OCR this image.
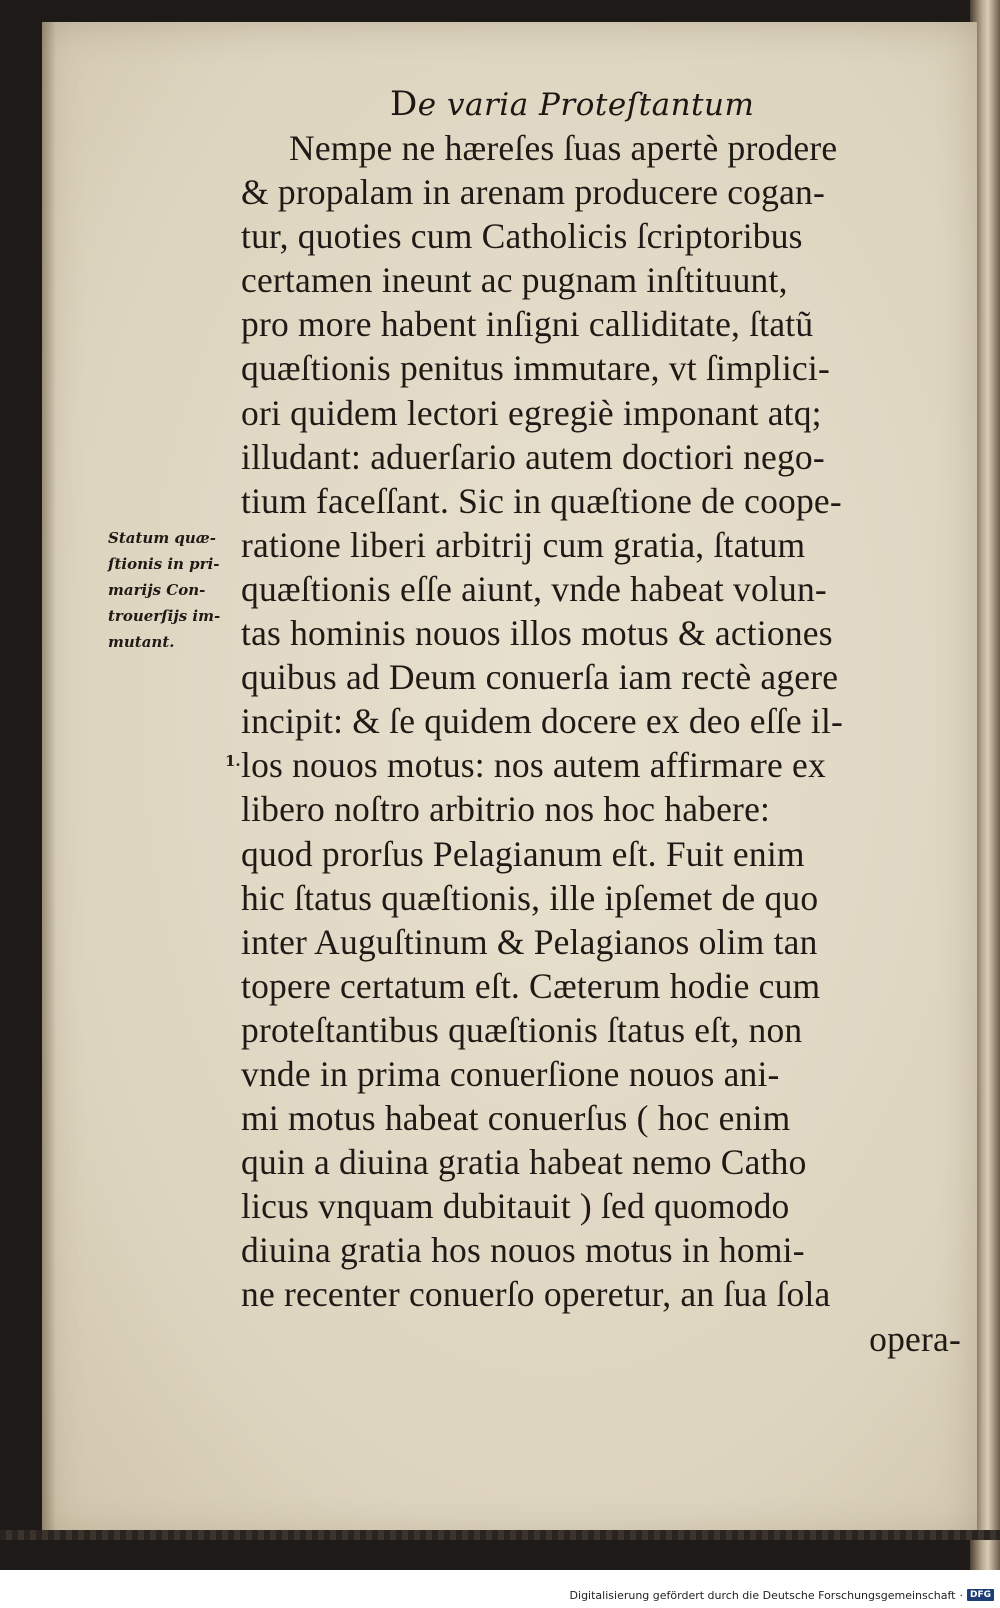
De varia Proteſtantum
Statum quæ-
ſtionis in pri-
marijs Con-
trouerſijs im-
mutant.
1.
Nempe ne hæreſes ſuas apertè prodere
& propalam in arenam producere cogan-
tur, quoties cum Catholicis ſcriptoribus
certamen ineunt ac pugnam inſtituunt,
pro more habent inſigni calliditate, ſtatũ
quæſtionis penitus immutare, vt ſimplici-
ori quidem lectori egregiè imponant atq;
illudant: aduerſario autem doctiori nego-
tium faceſſant. Sic in quæſtione de coope-
ratione liberi arbitrij cum gratia, ſtatum
quæſtionis eſſe aiunt, vnde habeat volun-
tas hominis nouos illos motus & actiones
quibus ad Deum conuerſa iam rectè agere
incipit: & ſe quidem docere ex deo eſſe il-
los nouos motus: nos autem affirmare ex
libero noſtro arbitrio nos hoc habere:
quod prorſus Pelagianum eſt. Fuit enim
hic ſtatus quæſtionis, ille ipſemet de quo
inter Auguſtinum & Pelagianos olim tan
topere certatum eſt. Cæterum hodie cum
proteſtantibus quæſtionis ſtatus eſt, non
vnde in prima conuerſione nouos ani-
mi motus habeat conuerſus ( hoc enim
quin a diuina gratia habeat nemo Catho
licus vnquam dubitauit ) ſed quomodo
diuina gratia hos nouos motus in homi-
ne recenter conuerſo operetur, an ſua ſola
opera-
Digitalisierung gefördert durch die Deutsche Forschungsgemeinschaft · DFG
